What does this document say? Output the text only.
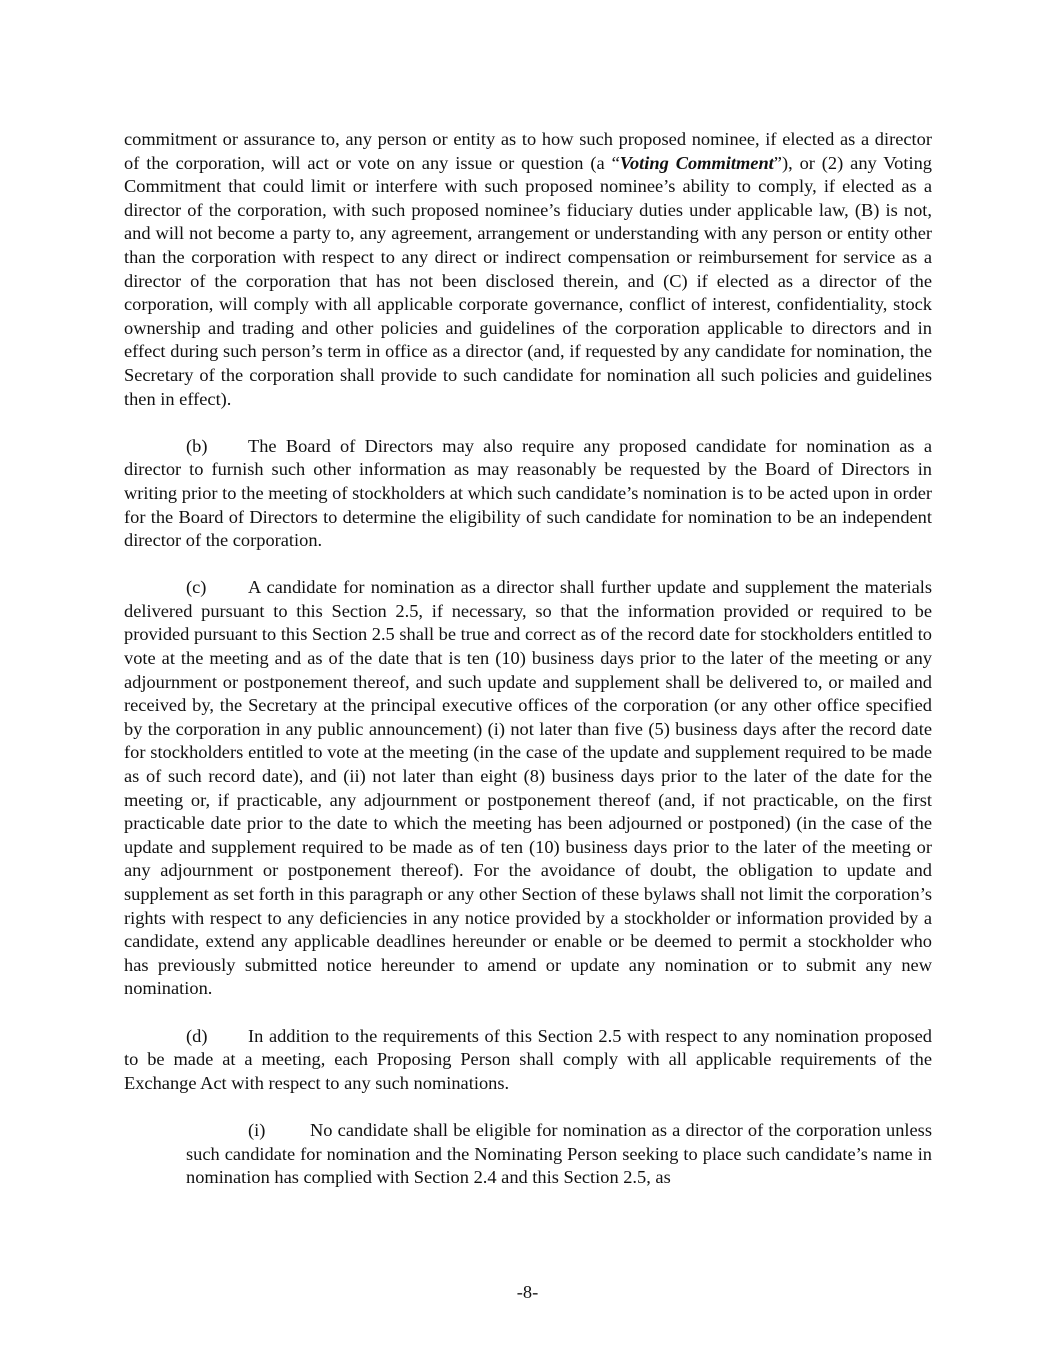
commitment or assurance to, any person or entity as to how such proposed nominee, if elected as a director of the corporation, will act or vote on any issue or question (a “Voting Commitment”), or (2) any Voting Commitment that could limit or interfere with such proposed nominee’s ability to comply, if elected as a director of the corporation, with such proposed nominee’s fiduciary duties under applicable law, (B) is not, and will not become a party to, any agreement, arrangement or understanding with any person or entity other than the corporation with respect to any direct or indirect compensation or reimbursement for service as a director of the corporation that has not been disclosed therein, and (C) if elected as a director of the corporation, will comply with all applicable corporate governance, conflict of interest, confidentiality, stock ownership and trading and other policies and guidelines of the corporation applicable to directors and in effect during such person’s term in office as a director (and, if requested by any candidate for nomination, the Secretary of the corporation shall provide to such candidate for nomination all such policies and guidelines then in effect).

(b) The Board of Directors may also require any proposed candidate for nomination as a director to furnish such other information as may reasonably be requested by the Board of Directors in writing prior to the meeting of stockholders at which such candidate’s nomination is to be acted upon in order for the Board of Directors to determine the eligibility of such candidate for nomination to be an independent director of the corporation.

(c) A candidate for nomination as a director shall further update and supplement the materials delivered pursuant to this Section 2.5, if necessary, so that the information provided or required to be provided pursuant to this Section 2.5 shall be true and correct as of the record date for stockholders entitled to vote at the meeting and as of the date that is ten (10) business days prior to the later of the meeting or any adjournment or postponement thereof, and such update and supplement shall be delivered to, or mailed and received by, the Secretary at the principal executive offices of the corporation (or any other office specified by the corporation in any public announcement) (i) not later than five (5) business days after the record date for stockholders entitled to vote at the meeting (in the case of the update and supplement required to be made as of such record date), and (ii) not later than eight (8) business days prior to the later of the date for the meeting or, if practicable, any adjournment or postponement thereof (and, if not practicable, on the first practicable date prior to the date to which the meeting has been adjourned or postponed) (in the case of the update and supplement required to be made as of ten (10) business days prior to the later of the meeting or any adjournment or postponement thereof). For the avoidance of doubt, the obligation to update and supplement as set forth in this paragraph or any other Section of these bylaws shall not limit the corporation’s rights with respect to any deficiencies in any notice provided by a stockholder or information provided by a candidate, extend any applicable deadlines hereunder or enable or be deemed to permit a stockholder who has previously submitted notice hereunder to amend or update any nomination or to submit any new nomination.

(d) In addition to the requirements of this Section 2.5 with respect to any nomination proposed to be made at a meeting, each Proposing Person shall comply with all applicable requirements of the Exchange Act with respect to any such nominations.

(i) No candidate shall be eligible for nomination as a director of the corporation unless such candidate for nomination and the Nominating Person seeking to place such candidate’s name in nomination has complied with Section 2.4 and this Section 2.5, as

-8-
